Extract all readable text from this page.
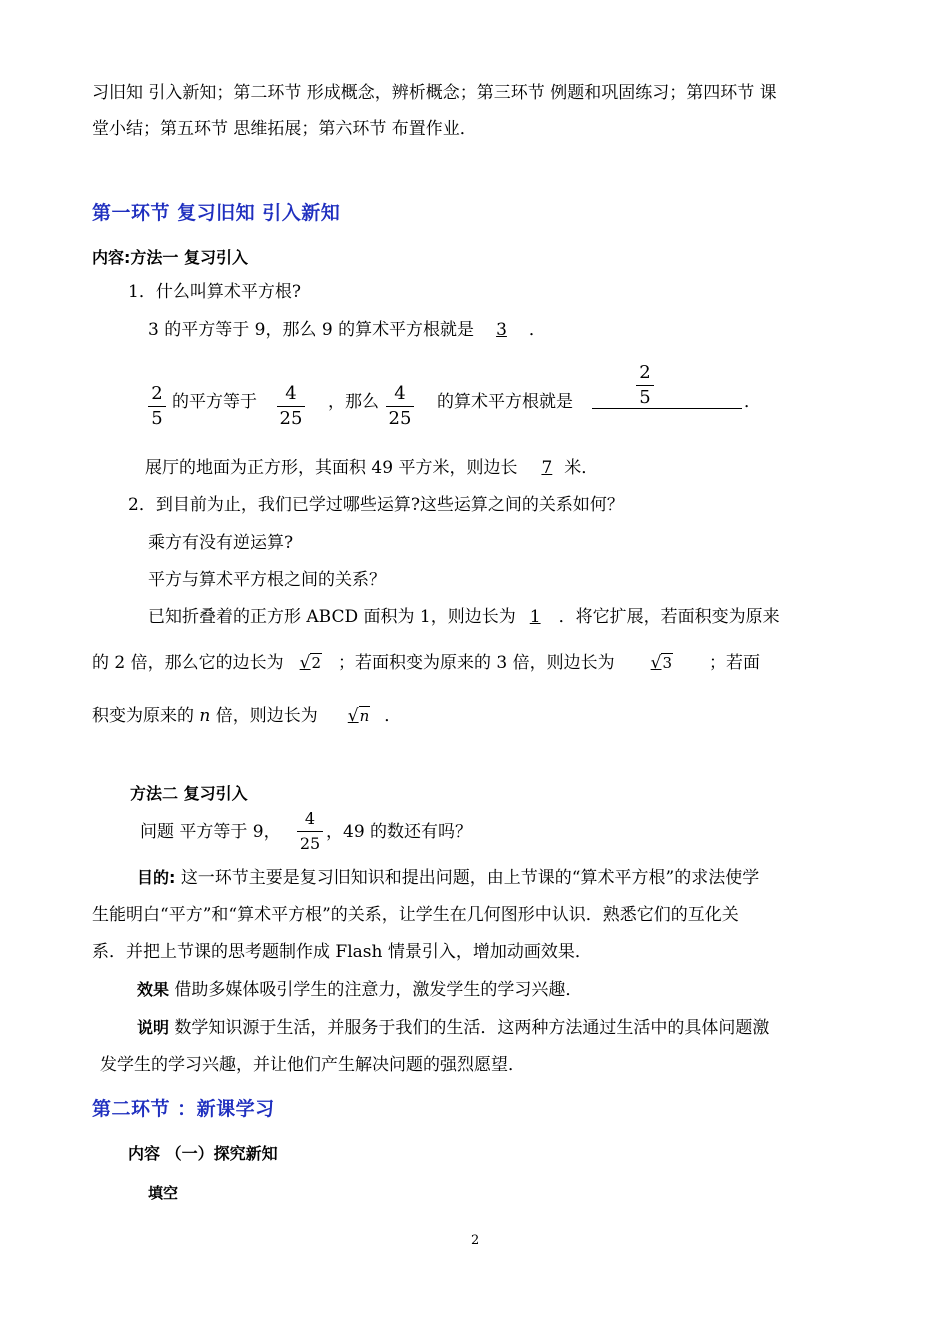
习旧知 引入新知；第二环节 形成概念，辨析概念；第三环节 例题和巩固练习；第四环节 课
堂小结；第五环节 思维拓展；第六环节 布置作业．
第一环节 复习旧知 引入新知
内容:方法一 复习引入
1．什么叫算术平方根?
3 的平方等于 9，那么 9 的算术平方根就是 3 ．
2
5
的平方等于	4
25
，那么 4
25
的算术平方根就是
2
5	．
展厅的地面为正方形，其面积 49 平方米，则边长 7 米．
2．到目前为止，我们已学过哪些运算?这些运算之间的关系如何？
乘方有没有逆运算?
平方与算术平方根之间的关系？
已知折叠着的正方形 ABCD 面积为 1，则边长为 1 ．将它扩展，若面积变为原来
的 2 倍，那么它的边长为 √2 ；若面积变为原来的 3 倍，则边长为 √3 ；若面
积变为原来的 n 倍，则边长为 √n ．
方法二 复习引入
问题 平方等于 9，
4
25
，49 的数还有吗？
目的: 这一环节主要是复习旧知识和提出问题，由上节课的“算术平方根”的求法使学
生能明白“平方”和“算术平方根”的关系，让学生在几何图形中认识．熟悉它们的互化关
系．并把上节课的思考题制作成 Flash 情景引入，增加动画效果．
效果 借助多媒体吸引学生的注意力，激发学生的学习兴趣．
说明 数学知识源于生活，并服务于我们的生活．这两种方法通过生活中的具体问题激
发学生的学习兴趣，并让他们产生解决问题的强烈愿望．
第二环节 ：新课学习
内容 （一）探究新知
填空
2
